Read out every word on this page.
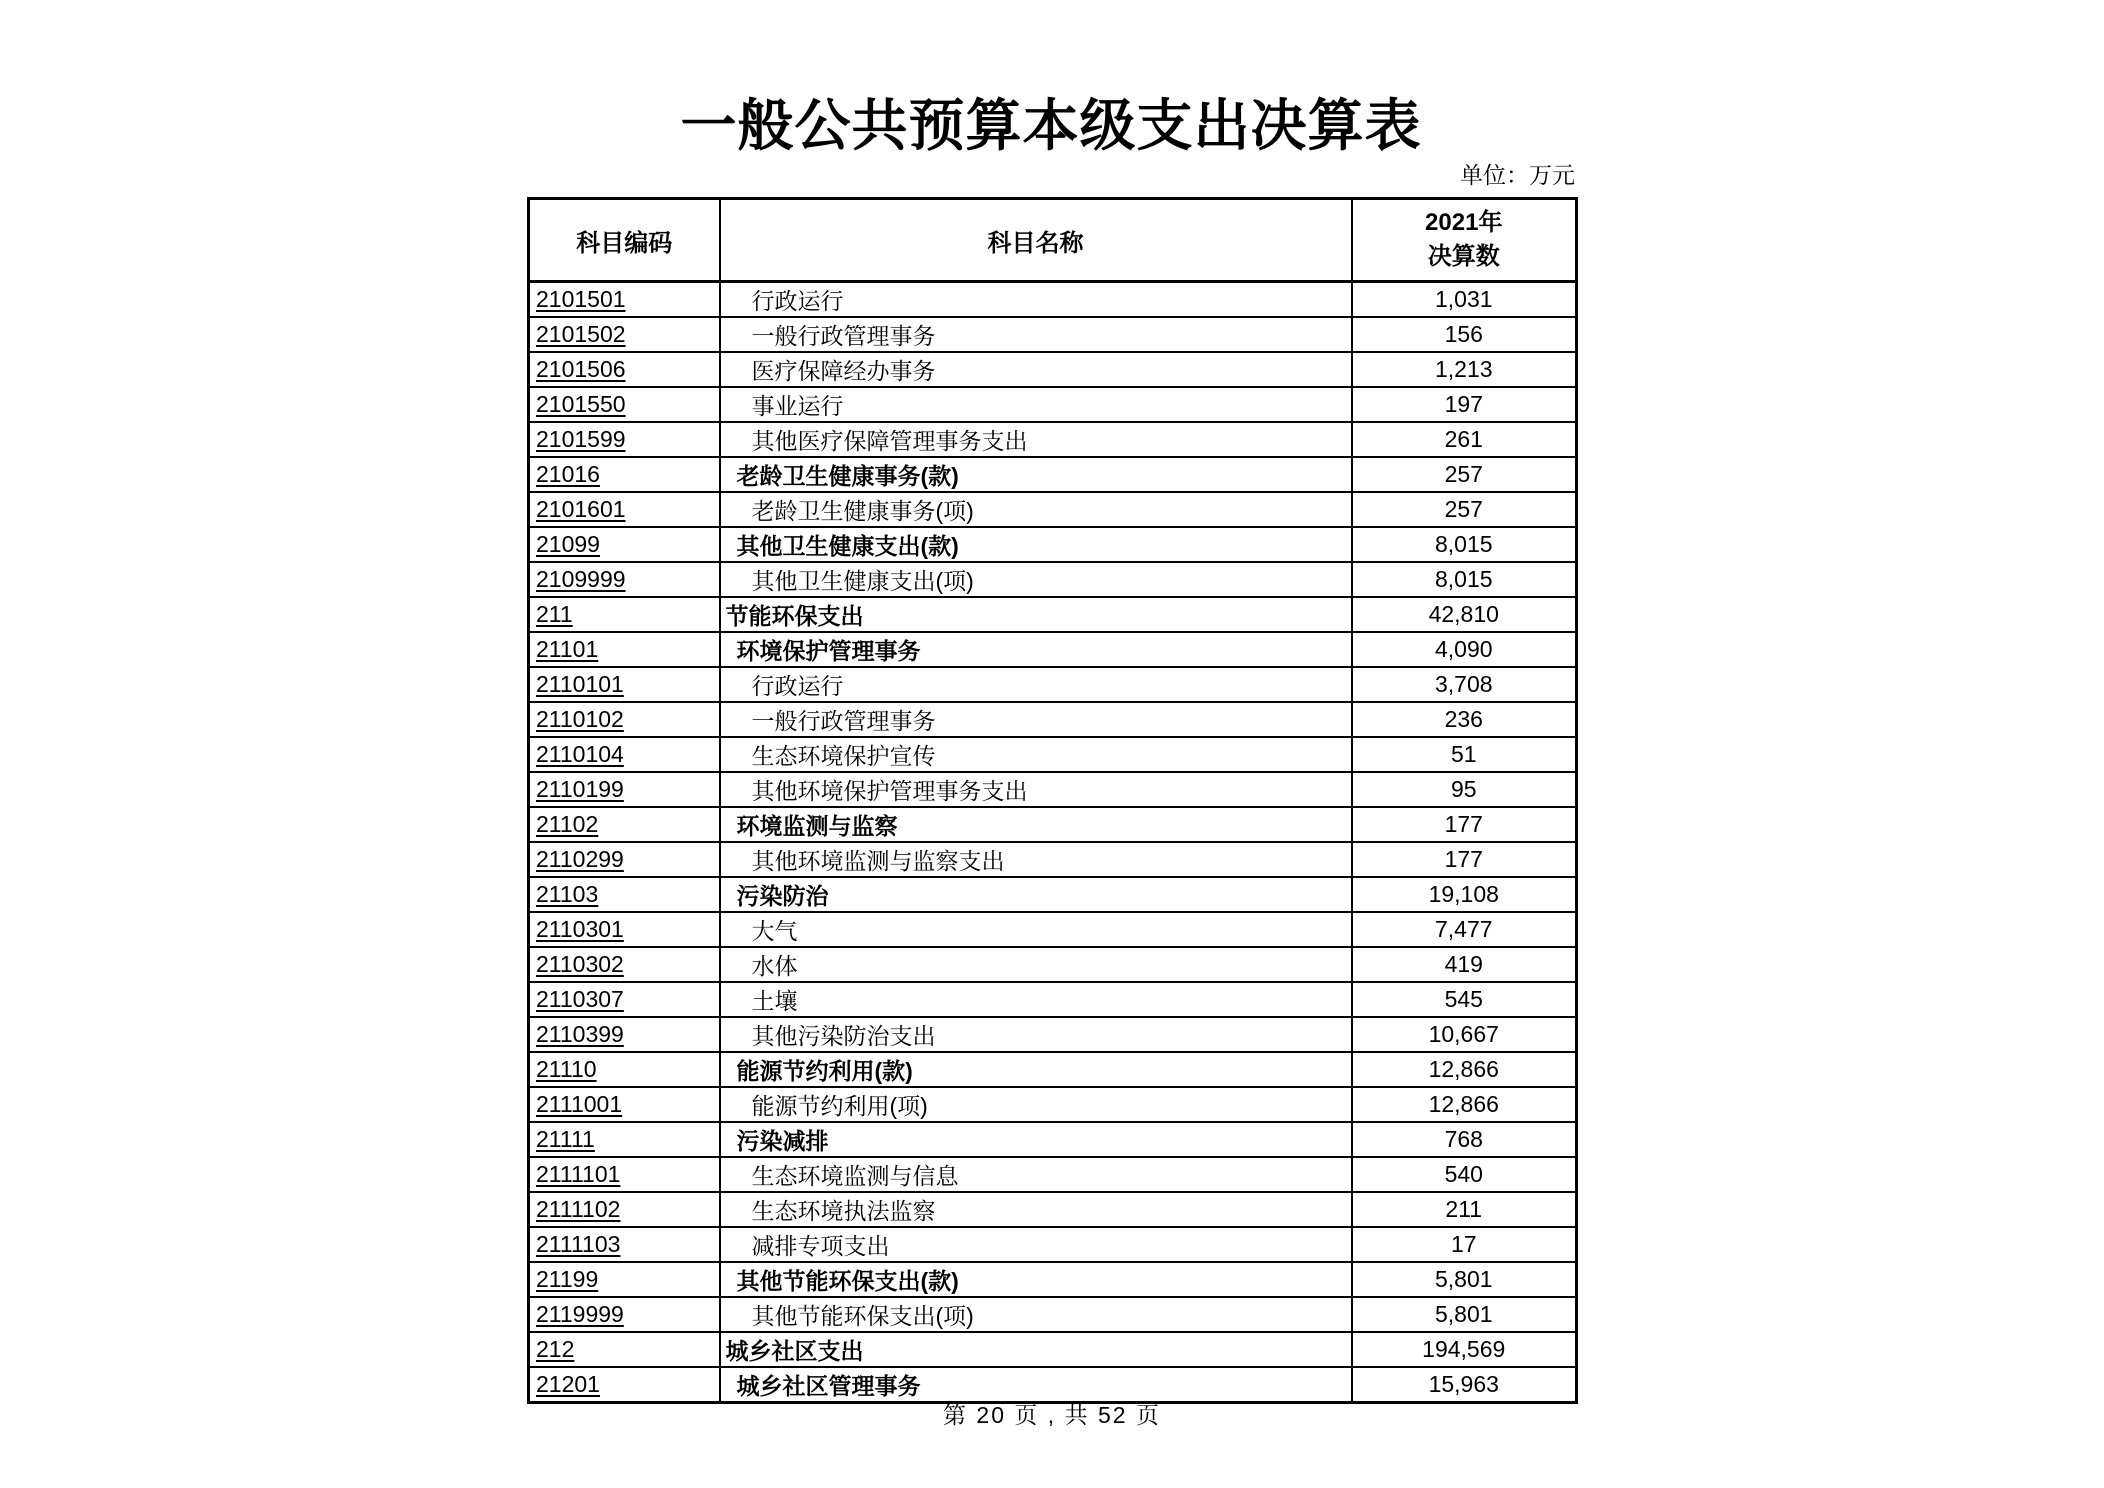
一般公共预算本级支出决算表
单位：万元
科目编码	科目名称	2021年
决算数

2101501	行政运行	1,031
2101502	一般行政管理事务	156
2101506	医疗保障经办事务	1,213
2101550	事业运行	197
2101599	其他医疗保障管理事务支出	261
21016	老龄卫生健康事务(款)	257
2101601	老龄卫生健康事务(项)	257
21099	其他卫生健康支出(款)	8,015
2109999	其他卫生健康支出(项)	8,015
211	节能环保支出	42,810
21101	环境保护管理事务	4,090
2110101	行政运行	3,708
2110102	一般行政管理事务	236
2110104	生态环境保护宣传	51
2110199	其他环境保护管理事务支出	95
21102	环境监测与监察	177
2110299	其他环境监测与监察支出	177
21103	污染防治	19,108
2110301	大气	7,477
2110302	水体	419
2110307	土壤	545
2110399	其他污染防治支出	10,667
21110	能源节约利用(款)	12,866
2111001	能源节约利用(项)	12,866
21111	污染减排	768
2111101	生态环境监测与信息	540
2111102	生态环境执法监察	211
2111103	减排专项支出	17
21199	其他节能环保支出(款)	5,801
2119999	其他节能环保支出(项)	5,801
212	城乡社区支出	194,569
21201	城乡社区管理事务	15,963
第 20 页 , 共 52 页
